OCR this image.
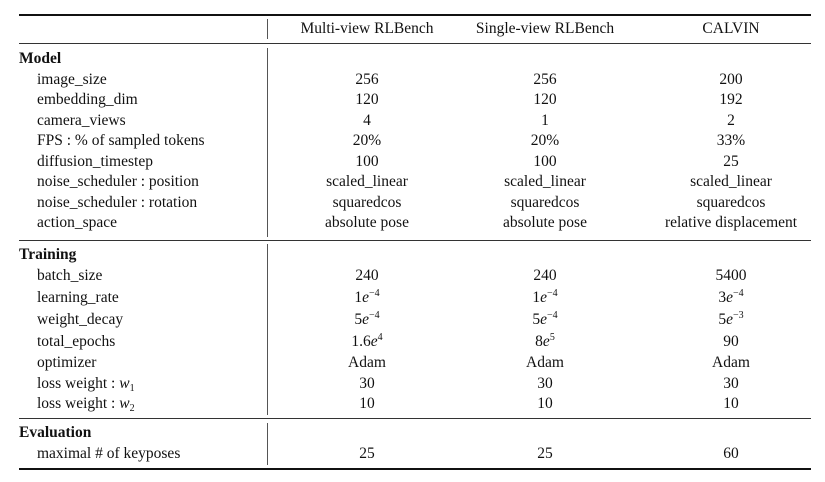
Multi-view RLBench	Single-view RLBench	CALVIN
Model
image_size	256	256	200
embedding_dim	120	120	192
camera_views	4	1	2
FPS : % of sampled tokens	20%	20%	33%
diffusion_timestep	100	100	25
noise_scheduler : position	scaled_linear	scaled_linear	scaled_linear
noise_scheduler : rotation	squaredcos	squaredcos	squaredcos
action_space	absolute pose	absolute pose	relative displacement
Training
batch_size	240	240	5400
learning_rate	$1e^{-4}$	$1e^{-4}$	$3e^{-4}$
weight_decay	$5e^{-4}$	$5e^{-4}$	$5e^{-3}$
total_epochs	$1.6e^4$	$8e^5$	90
optimizer	Adam	Adam	Adam
loss weight : $w_1$	30	30	30
loss weight : $w_2$	10	10	10
Evaluation
maximal # of keyposes	25	25	60
